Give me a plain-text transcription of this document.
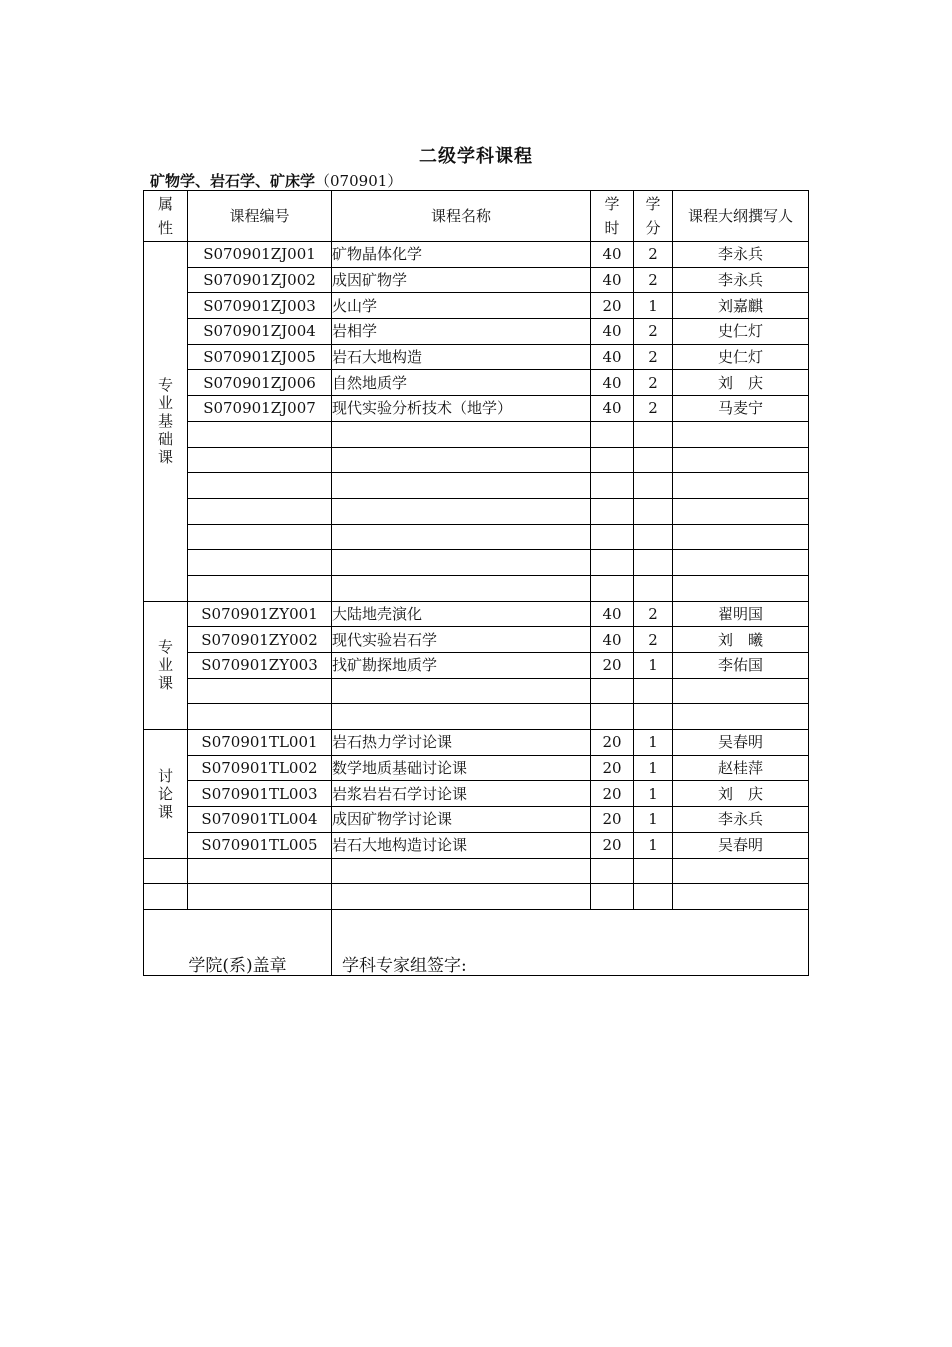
二级学科课程
矿物学、岩石学、矿床学（070901）
属性	课程编号	课程名称	学时	学分	课程大纲撰写人
专业基础课	S070901ZJ001	矿物晶体化学	40	2	李永兵
	S070901ZJ002	成因矿物学	40	2	李永兵
	S070901ZJ003	火山学	20	1	刘嘉麒
	S070901ZJ004	岩相学	40	2	史仁灯
	S070901ZJ005	岩石大地构造	40	2	史仁灯
	S070901ZJ006	自然地质学	40	2	刘　庆
	S070901ZJ007	现代实验分析技术（地学）	40	2	马麦宁

专业课	S070901ZY001	大陆地壳演化	40	2	翟明国
	S070901ZY002	现代实验岩石学	40	2	刘　曦
	S070901ZY003	找矿勘探地质学	20	1	李佑国

讨论课	S070901TL001	岩石热力学讨论课	20	1	吴春明
	S070901TL002	数学地质基础讨论课	20	1	赵桂萍
	S070901TL003	岩浆岩岩石学讨论课	20	1	刘　庆
	S070901TL004	成因矿物学讨论课	20	1	李永兵
	S070901TL005	岩石大地构造讨论课	20	1	吴春明

学院(系)盖章		学科专家组签字:			
